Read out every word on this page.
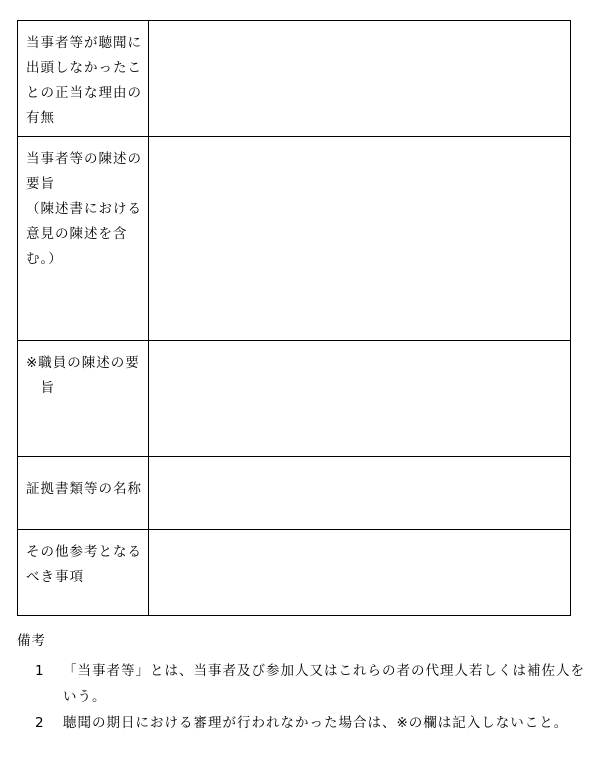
当事者等が聴聞に
出頭しなかったこ
との正当な理由の
有無	

当事者等の陳述の
要旨
（陳述書における
意見の陳述を含
む。）	

※職員の陳述の要
　旨	

証拠書類等の名称	

その他参考となる
べき事項	

備考
1	「当事者等」とは、当事者及び参加人又はこれらの者の代理人若しくは補佐人をいう。
2	聴聞の期日における審理が行われなかった場合は、※の欄は記入しないこと。
